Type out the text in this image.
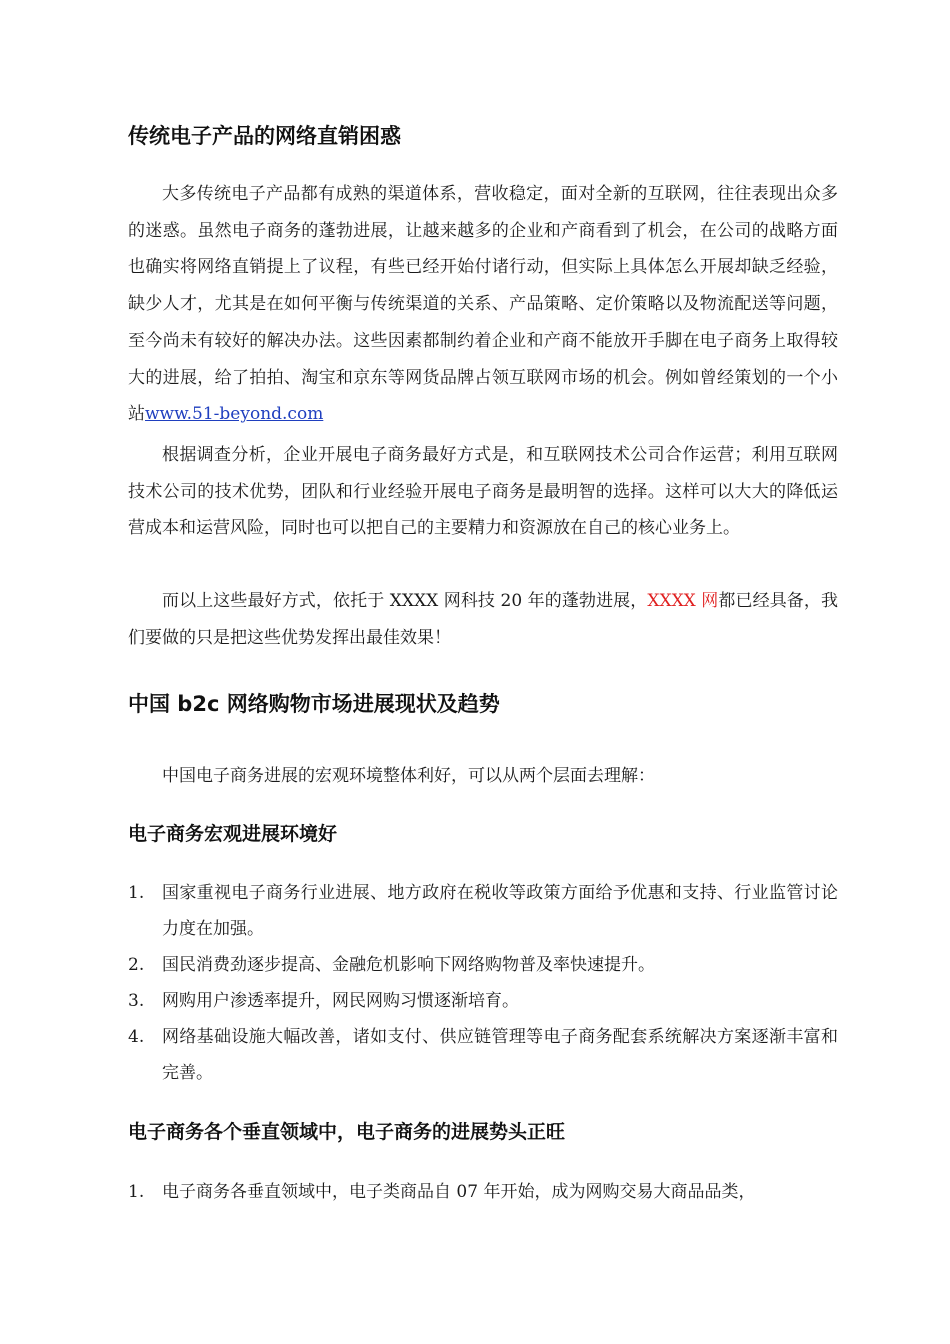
传统电子产品的网络直销困惑

大多传统电子产品都有成熟的渠道体系，营收稳定，面对全新的互联网，往往表现出众多的迷惑。虽然电子商务的蓬勃进展，让越来越多的企业和产商看到了机会，在公司的战略方面也确实将网络直销提上了议程，有些已经开始付诸行动，但实际上具体怎么开展却缺乏经验，缺少人才，尤其是在如何平衡与传统渠道的关系、产品策略、定价策略以及物流配送等问题，至今尚未有较好的解决办法。这些因素都制约着企业和产商不能放开手脚在电子商务上取得较大的进展，给了拍拍、淘宝和京东等网货品牌占领互联网市场的机会。例如曾经策划的一个小站www.51-beyond.com

根据调查分析，企业开展电子商务最好方式是，和互联网技术公司合作运营；利用互联网技术公司的技术优势，团队和行业经验开展电子商务是最明智的选择。这样可以大大的降低运营成本和运营风险，同时也可以把自己的主要精力和资源放在自己的核心业务上。

而以上这些最好方式，依托于 XXXX 网科技 20 年的蓬勃进展，XXXX 网都已经具备，我们要做的只是把这些优势发挥出最佳效果！

中国 b2c 网络购物市场进展现状及趋势

中国电子商务进展的宏观环境整体利好，可以从两个层面去理解：

电子商务宏观进展环境好
1. 国家重视电子商务行业进展、地方政府在税收等政策方面给予优惠和支持、行业监管讨论力度在加强。
2. 国民消费劲逐步提高、金融危机影响下网络购物普及率快速提升。
3. 网购用户渗透率提升，网民网购习惯逐渐培育。
4. 网络基础设施大幅改善，诸如支付、供应链管理等电子商务配套系统解决方案逐渐丰富和完善。
电子商务各个垂直领域中，电子商务的进展势头正旺
1. 电子商务各垂直领域中，电子类商品自 07 年开始，成为网购交易大商品品类，
